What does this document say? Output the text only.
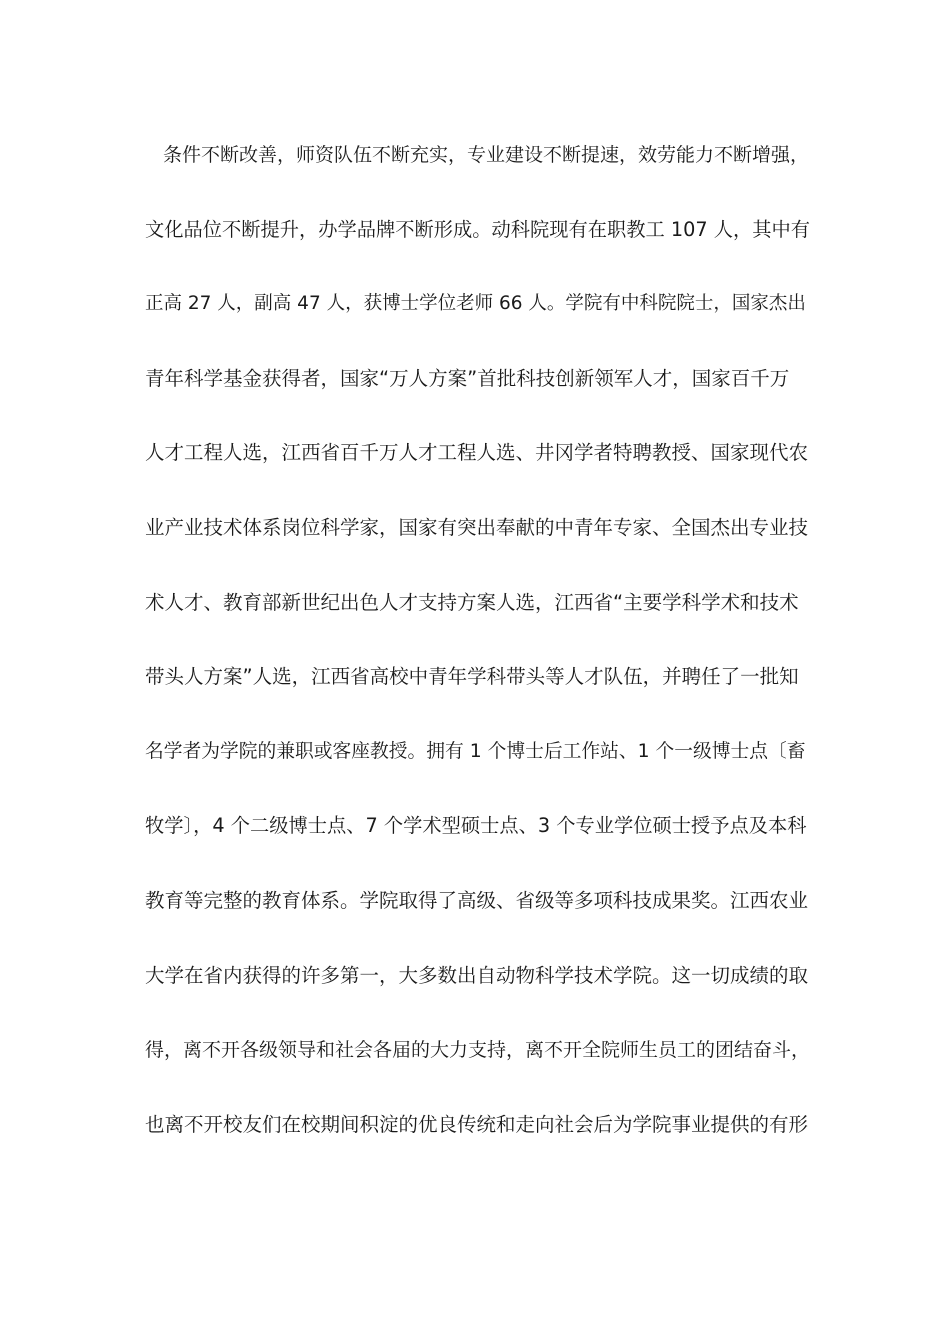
条件不断改善，师资队伍不断充实，专业建设不断提速，效劳能力不断增强，
文化品位不断提升，办学品牌不断形成。动科院现有在职教工 107 人，其中有
正高 27 人，副高 47 人，获博士学位老师 66 人。学院有中科院院士，国家杰出
青年科学基金获得者，国家“万人方案”首批科技创新领军人才，国家百千万
人才工程人选，江西省百千万人才工程人选、井冈学者特聘教授、国家现代农
业产业技术体系岗位科学家，国家有突出奉献的中青年专家、全国杰出专业技
术人才、教育部新世纪出色人才支持方案人选，江西省“主要学科学术和技术
带头人方案”人选，江西省高校中青年学科带头等人才队伍，并聘任了一批知
名学者为学院的兼职或客座教授。拥有 1 个博士后工作站、1 个一级博士点〔畜
牧学〕，4 个二级博士点、7 个学术型硕士点、3 个专业学位硕士授予点及本科
教育等完整的教育体系。学院取得了高级、省级等多项科技成果奖。江西农业
大学在省内获得的许多第一，大多数出自动物科学技术学院。这一切成绩的取
得，离不开各级领导和社会各届的大力支持，离不开全院师生员工的团结奋斗，
也离不开校友们在校期间积淀的优良传统和走向社会后为学院事业提供的有形
